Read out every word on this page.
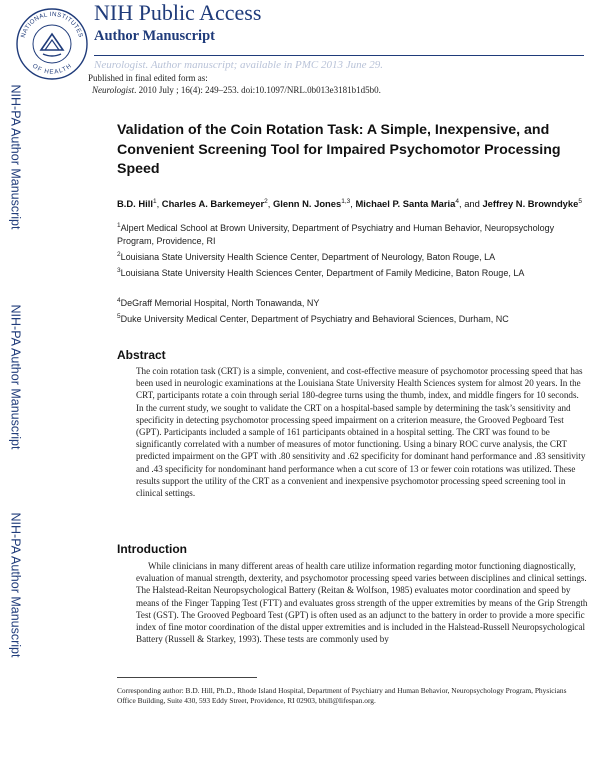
NATIONAL INSTITUTES
OF HEALTH
NIH Public Access
Author Manuscript
Neurologist. Author manuscript; available in PMC 2013 June 29.
Published in final edited form as:
Neurologist. 2010 July ; 16(4): 249–253. doi:10.1097/NRL.0b013e3181b1d5b0.
NIH-PA Author Manuscript
NIH-PA Author Manuscript
NIH-PA Author Manuscript
Validation of the Coin Rotation Task: A Simple, Inexpensive, and Convenient Screening Tool for Impaired Psychomotor Processing Speed
B.D. Hill$^1$, Charles A. Barkemeyer$^2$, Glenn N. Jones$^{1,3}$, Michael P. Santa Maria$^4$, and Jeffrey N. Browndyke$^5$
$^1$Alpert Medical School at Brown University, Department of Psychiatry and Human Behavior, Neuropsychology Program, Providence, RI
$^2$Louisiana State University Health Science Center, Department of Neurology, Baton Rouge, LA
$^3$Louisiana State University Health Sciences Center, Department of Family Medicine, Baton Rouge, LA
$^4$DeGraff Memorial Hospital, North Tonawanda, NY
$^5$Duke University Medical Center, Department of Psychiatry and Behavioral Sciences, Durham, NC
Abstract
The coin rotation task (CRT) is a simple, convenient, and cost-effective measure of psychomotor processing speed that has been used in neurologic examinations at the Louisiana State University Health Sciences system for almost 20 years. In the CRT, participants rotate a coin through serial 180-degree turns using the thumb, index, and middle fingers for 10 seconds. In the current study, we sought to validate the CRT on a hospital-based sample by determining the task’s sensitivity and specificity in detecting psychomotor processing speed impairment on a criterion measure, the Grooved Pegboard Test (GPT). Participants included a sample of 161 participants obtained in a hospital setting. The CRT was found to be significantly correlated with a number of measures of motor functioning. Using a binary ROC curve analysis, the CRT predicted impairment on the GPT with .80 sensitivity and .62 specificity for dominant hand performance and .83 sensitivity and .43 specificity for nondominant hand performance when a cut score of 13 or fewer coin rotations was utilized. These results support the utility of the CRT as a convenient and inexpensive psychomotor processing speed screening tool in clinical settings.
Introduction
While clinicians in many different areas of health care utilize information regarding motor functioning diagnostically, evaluation of manual strength, dexterity, and psychomotor processing speed varies between disciplines and clinical settings. The Halstead-Reitan Neuropsychological Battery (Reitan & Wolfson, 1985) evaluates motor coordination and speed by means of the Finger Tapping Test (FTT) and evaluates gross strength of the upper extremities by means of the Grip Strength Test (GST). The Grooved Pegboard Test (GPT) is often used as an adjunct to the battery in order to provide a more specific index of fine motor coordination of the distal upper extremities and is included in the Halstead-Russell Neuropsychological Battery (Russell & Starkey, 1993). These tests are commonly used by
Corresponding author: B.D. Hill, Ph.D., Rhode Island Hospital, Department of Psychiatry and Human Behavior, Neuropsychology Program, Physicians Office Building, Suite 430, 593 Eddy Street, Providence, RI 02903, bhill@lifespan.org.
